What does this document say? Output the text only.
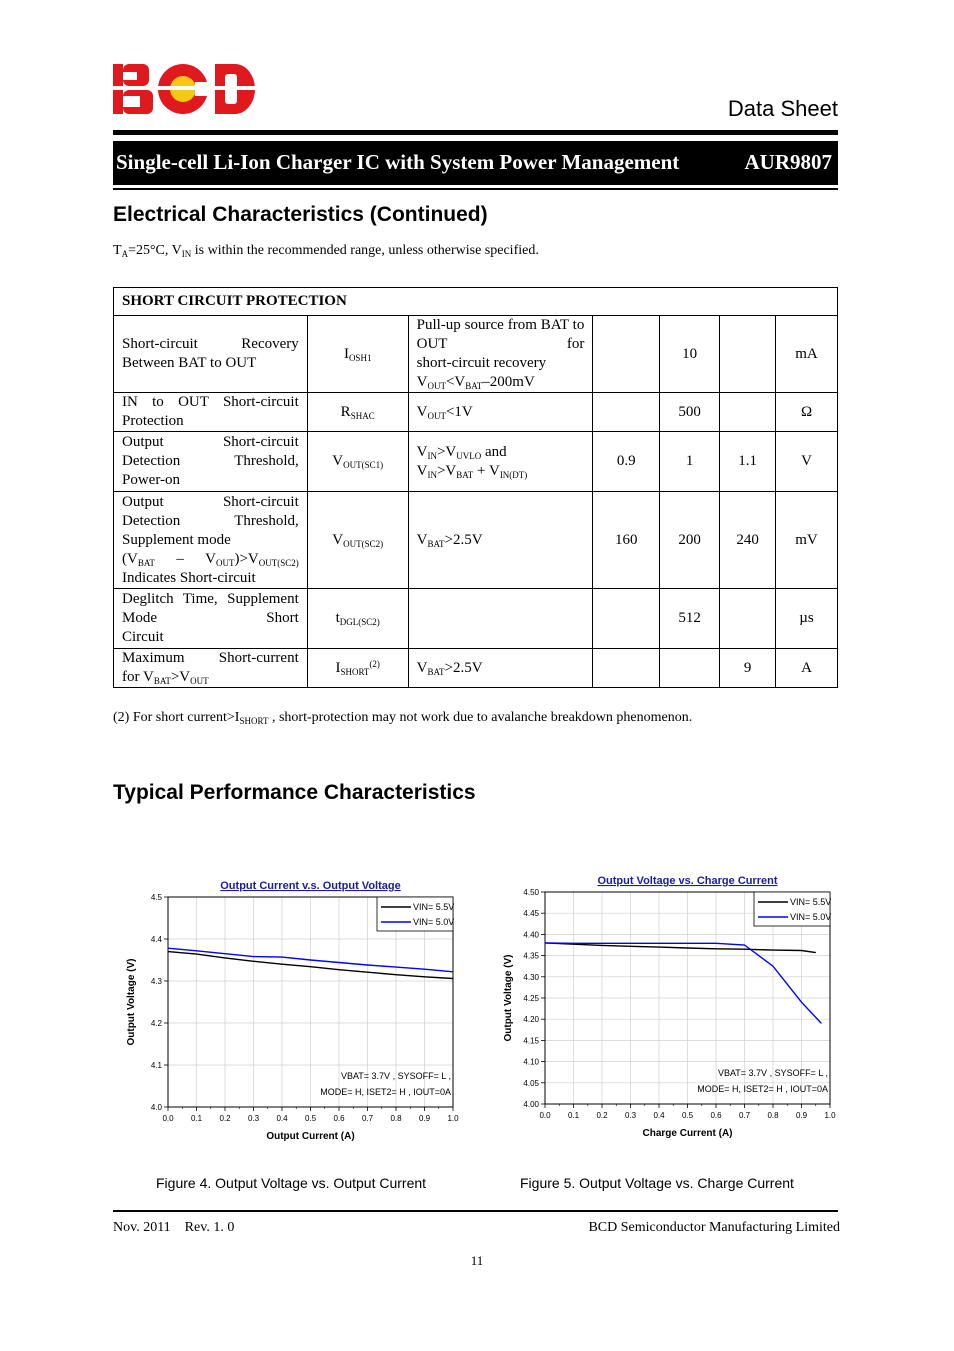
Data Sheet
Single-cell Li-Ion Charger IC with System Power Management	AUR9807
Electrical Characteristics (Continued)
$T_A=25^\circ C$, $V_{IN}$ is within the recommended range, unless otherwise specified.
SHORT CIRCUIT PROTECTION						
Short-circuit Recovery
Between BAT to OUT	$I_{OSH1}$	Pull-up source from BAT to OUT for
short-circuit recovery
$V_{OUT}<V_{BAT}-200mV$		10		mA
IN to OUT Short-circuit
Protection	$R_{SHAC}$	$V_{OUT}<1V$		500		Ω
Output Short-circuit Detection Threshold,
Power-on	$V_{OUT(SC1)}$	$V_{IN}>V_{UVLO}$ and
$V_{IN}>V_{BAT} + V_{IN(DT)}$	0.9	1	1.1	V
Output Short-circuit Detection Threshold,
Supplement mode
$(V_{BAT} - V_{OUT})>V_{OUT(SC2)}$
Indicates Short-circuit	$V_{OUT(SC2)}$	$V_{BAT}>2.5V$	160	200	240	mV
Deglitch Time, Supplement Mode Short
Circuit	$t_{DGL(SC2)}$			512		µs
Maximum Short-current
for $V_{BAT}>V_{OUT}$	$I_{SHORT}^{(2)}$	$V_{BAT}>2.5V$			9	A
(2) For short $current>I_{SHORT}$ , short-protection may not work due to avalanche breakdown phenomenon.
Typical Performance Characteristics
Output Current v.s. Output Voltage
0.0 0.1 0.2 0.3 0.4 0.5 0.6 0.7 0.8 0.9 1.0
4.0
4.1
4.2
4.3
4.4
4.5
VIN= 5.5V
VIN= 5.0V
VBAT= 3.7V , SYSOFF= L ,
MODE= H, ISET2= H , IOUT=0A
Output Current (A)
Output Voltage (V)
Output Voltage vs. Charge Current
0.0 0.1 0.2 0.3 0.4 0.5 0.6 0.7 0.8 0.9 1.0
4.00
4.05
4.10
4.15
4.20
4.25
4.30
4.35
4.40
4.45
4.50
VIN= 5.5V
VIN= 5.0V
VBAT= 3.7V , SYSOFF= L ,
MODE= H, ISET2= H , IOUT=0A
Charge Current (A)
Output Voltage (V)
Figure 4. Output Voltage vs. Output Current	Figure 5. Output Voltage vs. Charge Current
Nov. 2011    Rev. 1. 0	BCD Semiconductor Manufacturing Limited
11
